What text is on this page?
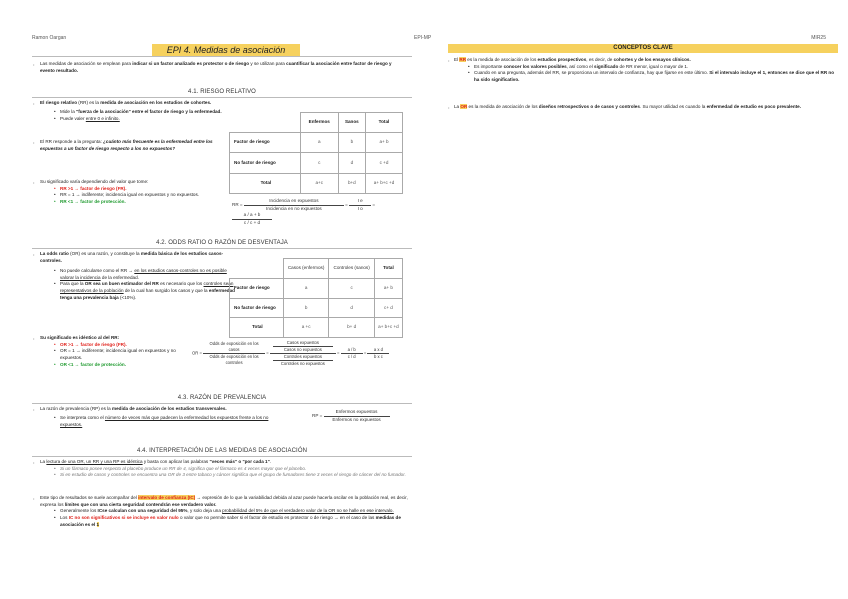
Ramon Oargan
EPI 4. Medidas de asociación
• Las medidas de asociación se emplean para indicar si un factor analizado es protector o de riesgo y se utilizan para cuantificar la asociación entre factor de riesgo y evento resultado.
4.1. RIESGO RELATIVO
• El riesgo relativo (RR) es la medida de asociación en los estudios de cohortes.
• Mide la "fuerza de la asociación" entre el factor de riesgo y la enfermedad.
• Puede valer entre 0 e infinito.
• El RR responde a la pregunta: ¿cuánto más frecuente es la enfermedad entre los expuestos a un factor de riesgo respecto a los no expuestos?
• Su significado varía dependiendo del valor que tome:
• RR >1 → factor de riesgo (FR).
• RR = 1 → indiferente; incidencia igual en expuestos y no expuestos.
• RR <1 → factor de protección.
	Enfermos	Sanos	Total
Factor de riesgo	a	b	a+ b
No factor de riesgo	c	d	c +d
Total	a+c	b+d	a+ b+c +d
RR = $\frac{\text{Incidencia en expuestos}}{\text{Incidencia en no expuestos}} = \frac{\text{I e}}{\text{I o}}$ =
$\frac{a / a + b}{c / c + d}$
4.2. ODDS RATIO O RAZÓN DE DESVENTAJA
• La odds ratio (OR) es una razón, y constituye la medida básica de los estudios casos-controles.
• No puede calcularse como el RR → en los estudios casos-controles no es posible valorar la incidencia de la enfermedad.
• Para que la OR sea un buen estimador del RR es necesario que los controles sean representativos de la población de la cual han surgido los casos y que la enfermedad tenga una prevalencia baja (<10%).
• Su significado es idéntico al del RR:
• OR >1 → factor de riesgo (FR).
• OR = 1 → indiferente; incidencia igual en expuestos y no expuestos.
• OR <1 → factor de protección.
	Casos (enfermos)	Controles (sanos)	Total
Factor de riesgo	a	c	a+ b
No factor de riesgo	b	d	c+ d
Total	a +c	b+ d	a+ b+c +d
OR = $\frac{\text{Odds de exposición en los casos}}{\text{Odds de exposición en los controles}} = \frac{\frac{\text{Casos expuestos}}{\text{Casos no expuestos}}}{\frac{\text{Controles expuestos}}{\text{Controles no expuestos}}} = \frac{a / b}{c / d} = \frac{\text{a x d}}{\text{b x c}}$
4.3. RAZÓN DE PREVALENCIA
• La razón de prevalencia (RP) es la medida de asociación de los estudios transversales.
• Se interpreta como el número de veces más que padecen la enfermedad los expuestos frente a los no expuestos.
RP = $\frac{\text{Enfermos expuestos}}{\text{Enfermos no expuestos}}$
4.4. INTERPRETACIÓN DE LAS MEDIDAS DE ASOCIACIÓN
• La lectura de una OR, un RR y una RP es idéntica y basta con aplicar las palabras "veces más" o "por cada 1".
• Si un fármaco posee respecto al placebo produce un RR de 4, significa que el fármaco es 4 veces mayor que el placebo.
• Si en estudio de casos y controles se encuentra una OR de 3 entre tabaco y cáncer significa que el grupo de fumadores tiene 3 veces el riesgo de cáncer del no fumador.
• Este tipo de resultados se suele acompañar del intervalo de confianza (IC) → expresión de lo que la variabilidad debida al azar puede hacerla oscilar en la población real, es decir, expresa los límites que con una cierta seguridad contendrán ese verdadero valor.
• Generalmente los ICse calculan con una seguridad del 95%, y solo deja una probabilidad del 5% de que el verdadero valor de la OR no se halle en ese intervalo.
• Los IC no son significativos si se incluye en valor nulo o valor que no permite saber si el factor de estudio es protector o de riesgo → en el caso de las medidas de asociación es el 1
EPI-MP	MIR25
CONCEPTOS CLAVE
• El RR es la medida de asociación de los estudios prospectivos, es decir, de cohortes y de los ensayos clínicos.
• Es importante conocer los valores posibles, así como el significado de RR menor, igual o mayor de 1.
• Cuando en una pregunta, además del RR, se proporciona un intervalo de confianza, hay que fijarse en este último. Si el intervalo incluye el 1, entonces se dice que el RR no ha sido significativo.
• La OR es la medida de asociación de los diseños retrospectivos o de casos y controles. Su mayor utilidad es cuando la enfermedad de estudio es poco prevalente.
